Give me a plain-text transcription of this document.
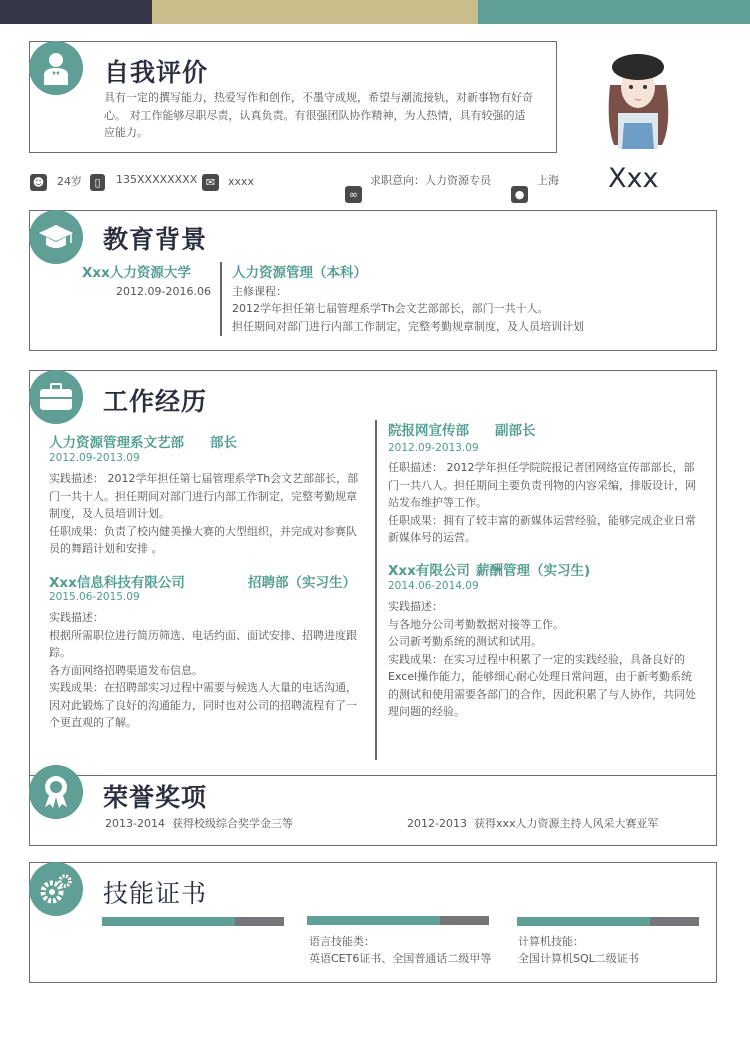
自我评价
具有一定的撰写能力，热爱写作和创作，不墨守成规，希望与潮流接轨，对新事物有好奇心。 对工作能够尽职尽责，认真负责。有很强团队协作精神，为人热情，具有较强的适应能力。
☻ 24岁	▯	135XXXXXXXX ✉	xxxx
∞
求职意向：人力资源专员
●
上海 Xxx
教育背景
Xxx人力资源大学
2012.09-2016.06
人力资源管理（本科）
主修课程：
2012学年担任第七届管理系学Th会文艺部部长，部门一共十人。
担任期间对部门进行内部工作制定，完整考勤规章制度，及人员培训计划
工作经历
人力资源管理系文艺部 部长
2012.09-2013.09
实践描述： 2012学年担任第七届管理系学Th会文艺部部长，部门一共十人。担任期间对部门进行内部工作制定，完整考勤规章制度，及人员培训计划。
任职成果：负责了校内健美操大赛的大型组织，并完成对参赛队员的舞蹈计划和安排 。
Xxx信息科技有限公司	招聘部（实习生）
2015.06-2015.09
实践描述：
根据所需职位进行简历筛选、电话约面、面试安排、招聘进度跟踪。
各方面网络招聘渠道发布信息。
实践成果：在招聘部实习过程中需要与候选人大量的电话沟通，因对此锻炼了良好的沟通能力，同时也对公司的招聘流程有了一个更直观的了解。
院报网宣传部 副部长
2012.09-2013.09
任职描述： 2012学年担任学院院报记者团网络宣传部部长，部门一共八人。担任期间主要负责刊物的内容采编，排版设计，网站发布维护等工作。
任职成果：拥有了较丰富的新媒体运营经验，能够完成企业日常新媒体号的运营。
Xxx有限公司 薪酬管理（实习生)
2014.06-2014.09
实践描述：
与各地分公司考勤数据对接等工作。
公司新考勤系统的测试和试用。
实践成果：在实习过程中积累了一定的实践经验，具备良好的Excel操作能力，能够细心耐心处理日常问题，由于新考勤系统的测试和使用需要各部门的合作，因此积累了与人协作，共同处理问题的经验。
荣誉奖项
2013-2014  获得校级综合奖学金三等	2012-2013  获得xxx人力资源主持人风采大赛亚军
技能证书
语言技能类：
英语CET6证书、全国普通话二级甲等
计算机技能：
全国计算机SQL二级证书
